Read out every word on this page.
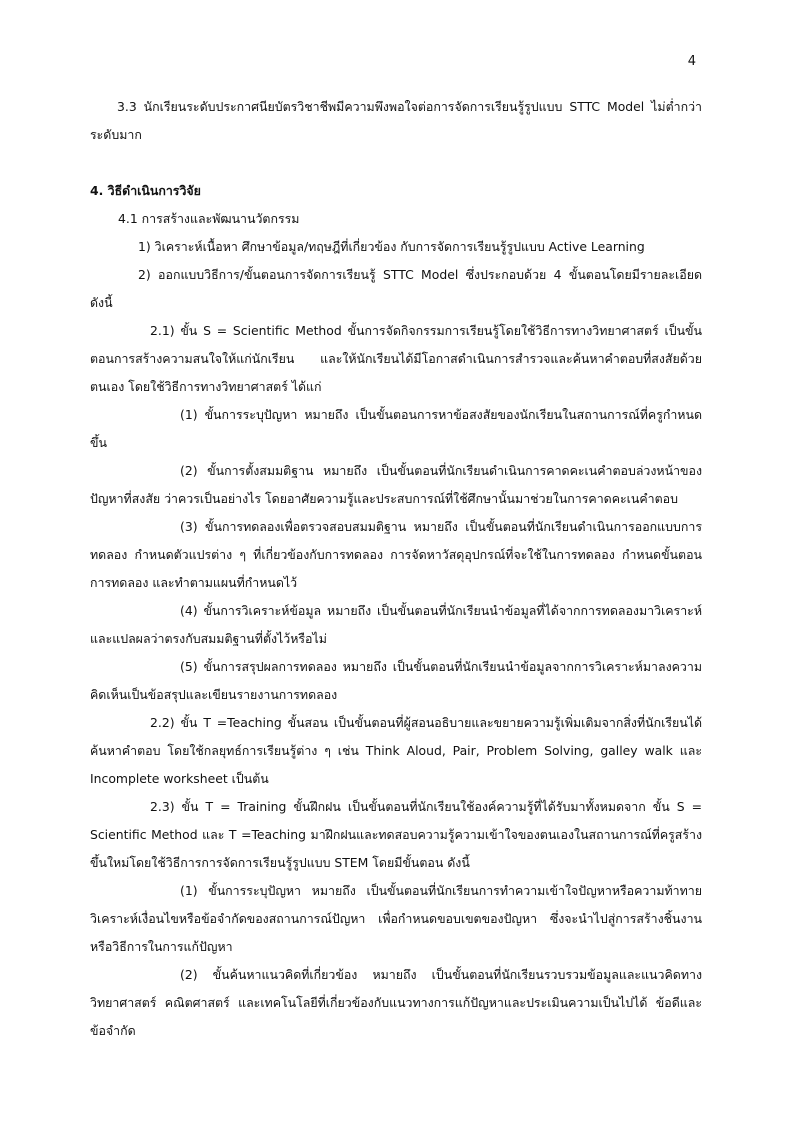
4

3.3 นักเรียนระดับประกาศนียบัตรวิชาชีพมีความพึงพอใจต่อการจัดการเรียนรู้รูปแบบ STTC Model ไม่ต่ำกว่าระดับมาก

4. วิธีดำเนินการวิจัย

4.1 การสร้างและพัฒนานวัตกรรม

1) วิเคราะห์เนื้อหา ศึกษาข้อมูล/ทฤษฎีที่เกี่ยวข้อง กับการจัดการเรียนรู้รูปแบบ Active Learning

2) ออกแบบวิธีการ/ขั้นตอนการจัดการเรียนรู้ STTC Model ซึ่งประกอบด้วย 4 ขั้นตอนโดยมีรายละเอียดดังนี้

2.1) ขั้น S = Scientific Method ขั้นการจัดกิจกรรมการเรียนรู้โดยใช้วิธีการทางวิทยาศาสตร์ เป็นขั้นตอนการสร้างความสนใจให้แก่นักเรียน และให้นักเรียนได้มีโอกาสดำเนินการสำรวจและค้นหาคำตอบที่สงสัยด้วยตนเอง โดยใช้วิธีการทางวิทยาศาสตร์ ได้แก่

(1) ขั้นการระบุปัญหา หมายถึง เป็นขั้นตอนการหาข้อสงสัยของนักเรียนในสถานการณ์ที่ครูกำหนดขึ้น

(2) ขั้นการตั้งสมมติฐาน หมายถึง เป็นขั้นตอนที่นักเรียนดำเนินการคาดคะเนคำตอบล่วงหน้าของปัญหาที่สงสัย ว่าควรเป็นอย่างไร โดยอาศัยความรู้และประสบการณ์ที่ใช้ศึกษานั้นมาช่วยในการคาดคะเนคำตอบ

(3) ขั้นการทดลองเพื่อตรวจสอบสมมติฐาน หมายถึง เป็นขั้นตอนที่นักเรียนดำเนินการออกแบบการทดลอง กำหนดตัวแปรต่าง ๆ ที่เกี่ยวข้องกับการทดลอง การจัดหาวัสดุอุปกรณ์ที่จะใช้ในการทดลอง กำหนดขั้นตอนการทดลอง และทำตามแผนที่กำหนดไว้

(4) ขั้นการวิเคราะห์ข้อมูล หมายถึง เป็นขั้นตอนที่นักเรียนนำข้อมูลที่ได้จากการทดลองมาวิเคราะห์ และแปลผลว่าตรงกับสมมติฐานที่ตั้งไว้หรือไม่

(5) ขั้นการสรุปผลการทดลอง หมายถึง เป็นขั้นตอนที่นักเรียนนำข้อมูลจากการวิเคราะห์มาลงความคิดเห็นเป็นข้อสรุปและเขียนรายงานการทดลอง

2.2) ขั้น T =Teaching ขั้นสอน เป็นขั้นตอนที่ผู้สอนอธิบายและขยายความรู้เพิ่มเติมจากสิ่งที่นักเรียนได้ค้นหาคำตอบ โดยใช้กลยุทธ์การเรียนรู้ต่าง ๆ เช่น Think Aloud, Pair, Problem Solving, galley walk และ Incomplete worksheet เป็นต้น

2.3) ขั้น T = Training ขั้นฝึกฝน เป็นขั้นตอนที่นักเรียนใช้องค์ความรู้ที่ได้รับมาทั้งหมดจาก ขั้น S = Scientific Method และ T =Teaching มาฝึกฝนและทดสอบความรู้ความเข้าใจของตนเองในสถานการณ์ที่ครูสร้างขึ้นใหม่โดยใช้วิธีการการจัดการเรียนรู้รูปแบบ STEM โดยมีขั้นตอน ดังนี้

(1) ขั้นการระบุปัญหา หมายถึง เป็นขั้นตอนที่นักเรียนการทำความเข้าใจปัญหาหรือความท้าทาย วิเคราะห์เงื่อนไขหรือข้อจำกัดของสถานการณ์ปัญหา เพื่อกำหนดขอบเขตของปัญหา ซึ่งจะนำไปสู่การสร้างชิ้นงานหรือวิธีการในการแก้ปัญหา

(2) ขั้นค้นหาแนวคิดที่เกี่ยวข้อง หมายถึง เป็นขั้นตอนที่นักเรียนรวบรวมข้อมูลและแนวคิดทางวิทยาศาสตร์ คณิตศาสตร์ และเทคโนโลยีที่เกี่ยวข้องกับแนวทางการแก้ปัญหาและประเมินความเป็นไปได้ ข้อดีและข้อจำกัด
